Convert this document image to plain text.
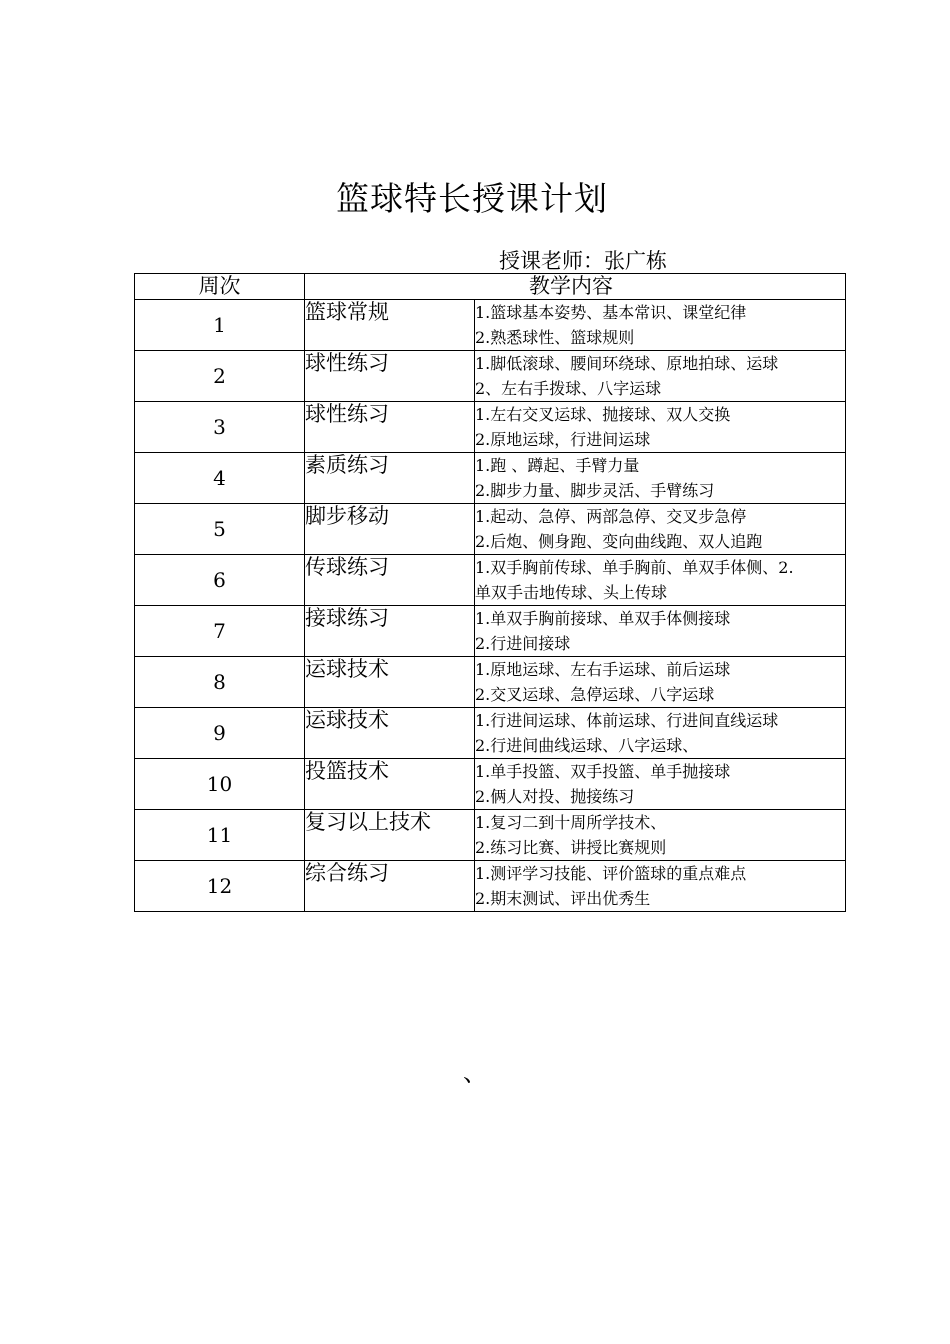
篮球特长授课计划
授课老师：张广栋
周次	教学内容	
1	篮球常规	1.篮球基本姿势、基本常识、课堂纪律
2.熟悉球性、篮球规则

2	球性练习	1.脚低滚球、腰间环绕球、原地拍球、运球
2、左右手拨球、八字运球

3	球性练习	1.左右交叉运球、抛接球、双人交换
2.原地运球，行进间运球

4	素质练习	1.跑 、蹲起、手臂力量
2.脚步力量、脚步灵活、手臂练习

5	脚步移动	1.起动、急停、两部急停、交叉步急停
2.后炮、侧身跑、变向曲线跑、双人追跑

6	传球练习	1.双手胸前传球、单手胸前、单双手体侧、2.
单双手击地传球、头上传球

7	接球练习	1.单双手胸前接球、单双手体侧接球
2.行进间接球

8	运球技术	1.原地运球、左右手运球、前后运球
2.交叉运球、急停运球、八字运球

9	运球技术	1.行进间运球、体前运球、行进间直线运球
2.行进间曲线运球、八字运球、

10	投篮技术	1.单手投篮、双手投篮、单手抛接球
2.俩人对投、抛接练习

11	复习以上技术	1.复习二到十周所学技术、
2.练习比赛、讲授比赛规则

12	综合练习	1.测评学习技能、评价篮球的重点难点
2.期末测试、评出优秀生
、
